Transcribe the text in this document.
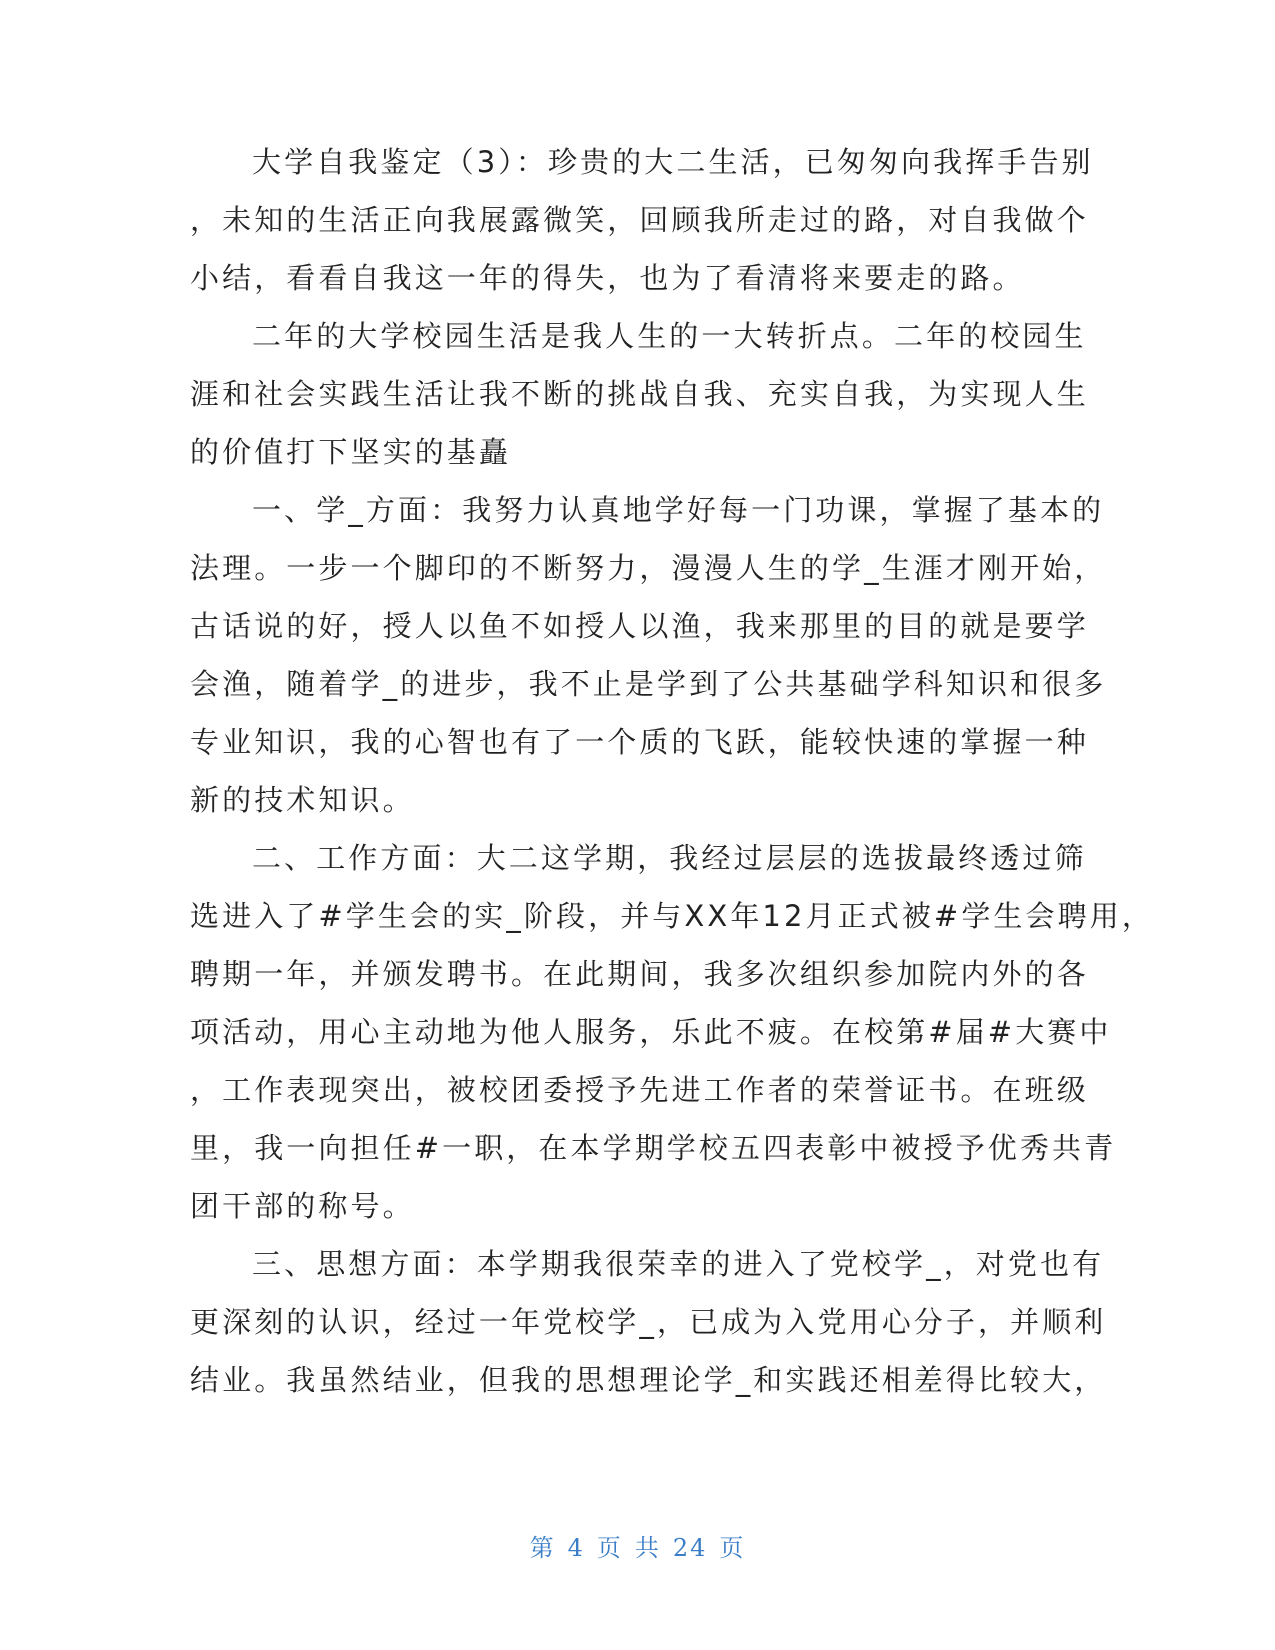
大学自我鉴定（3）：珍贵的大二生活，已匆匆向我挥手告别
，未知的生活正向我展露微笑，回顾我所走过的路，对自我做个
小结，看看自我这一年的得失，也为了看清将来要走的路。
二年的大学校园生活是我人生的一大转折点。二年的校园生
涯和社会实践生活让我不断的挑战自我、充实自我，为实现人生
的价值打下坚实的基矗
一、学_方面：我努力认真地学好每一门功课，掌握了基本的
法理。一步一个脚印的不断努力，漫漫人生的学_生涯才刚开始，
古话说的好，授人以鱼不如授人以渔，我来那里的目的就是要学
会渔，随着学_的进步，我不止是学到了公共基础学科知识和很多
专业知识，我的心智也有了一个质的飞跃，能较快速的掌握一种
新的技术知识。
二、工作方面：大二这学期，我经过层层的选拔最终透过筛
选进入了#学生会的实_阶段，并与XX年12月正式被#学生会聘用，
聘期一年，并颁发聘书。在此期间，我多次组织参加院内外的各
项活动，用心主动地为他人服务，乐此不疲。在校第#届#大赛中
，工作表现突出，被校团委授予先进工作者的荣誉证书。在班级
里，我一向担任#一职，在本学期学校五四表彰中被授予优秀共青
团干部的称号。
三、思想方面：本学期我很荣幸的进入了党校学_，对党也有
更深刻的认识，经过一年党校学_，已成为入党用心分子，并顺利
结业。我虽然结业，但我的思想理论学_和实践还相差得比较大，
第 4 页 共 24 页
